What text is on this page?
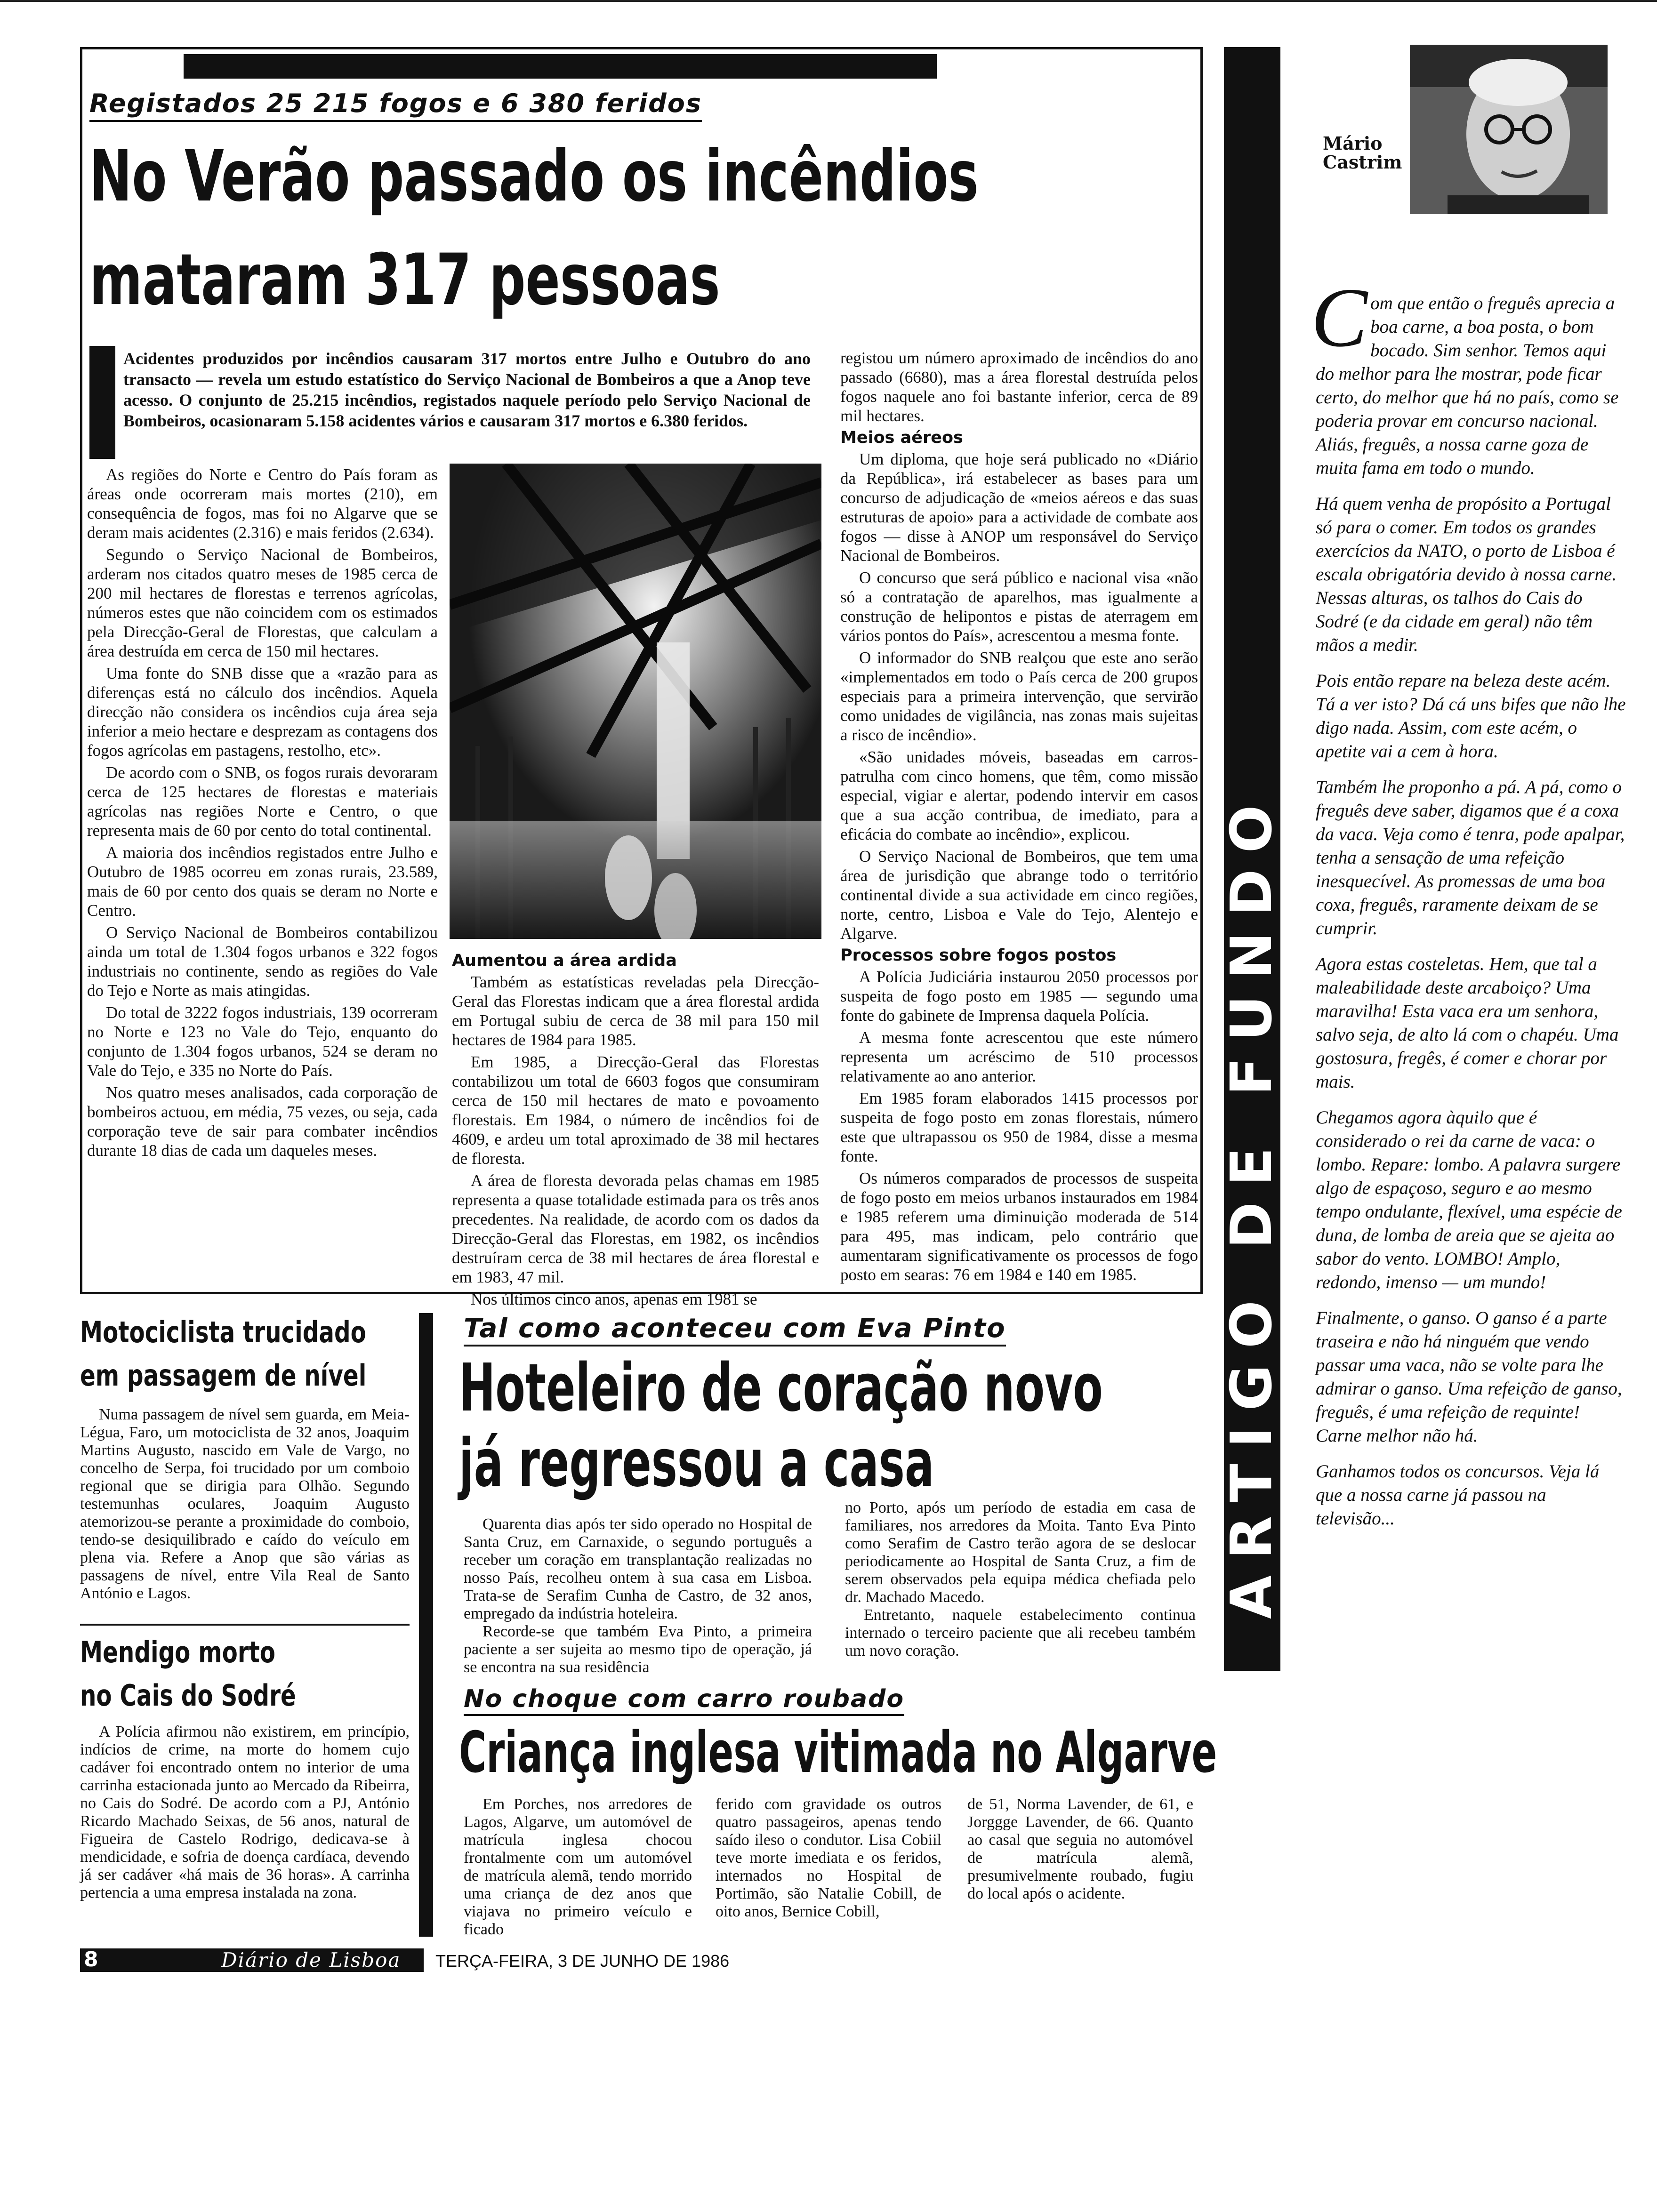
Registados 25 215 fogos e 6 380 feridos
No Verão passado os incêndios
mataram 317 pessoas
Acidentes produzidos por incêndios causaram 317 mortos entre Julho e Outubro do ano transacto — revela um estudo estatístico do Serviço Nacional de Bombeiros a que a Anop teve acesso. O conjunto de 25.215 incêndios, registados naquele período pelo Serviço Nacional de Bombeiros, ocasionaram 5.158 acidentes vários e causaram 317 mortos e 6.380 feridos.

As regiões do Norte e Centro do País foram as áreas onde ocorreram mais mortes (210), em consequência de fogos, mas foi no Algarve que se deram mais acidentes (2.316) e mais feridos (2.634).

Segundo o Serviço Nacional de Bombeiros, arderam nos citados quatro meses de 1985 cerca de 200 mil hectares de florestas e terrenos agrícolas, números estes que não coincidem com os estimados pela Direcção-Geral de Florestas, que calculam a área destruída em cerca de 150 mil hectares.

Uma fonte do SNB disse que a «razão para as diferenças está no cálculo dos incêndios. Aquela direcção não considera os incêndios cuja área seja inferior a meio hectare e desprezam as contagens dos fogos agrícolas em pastagens, restolho, etc».

De acordo com o SNB, os fogos rurais devoraram cerca de 125 hectares de florestas e materiais agrícolas nas regiões Norte e Centro, o que representa mais de 60 por cento do total continental.

A maioria dos incêndios registados entre Julho e Outubro de 1985 ocorreu em zonas rurais, 23.589, mais de 60 por cento dos quais se deram no Norte e Centro.

O Serviço Nacional de Bombeiros contabilizou ainda um total de 1.304 fogos urbanos e 322 fogos industriais no continente, sendo as regiões do Vale do Tejo e Norte as mais atingidas.

Do total de 3222 fogos industriais, 139 ocorreram no Norte e 123 no Vale do Tejo, enquanto do conjunto de 1.304 fogos urbanos, 524 se deram no Vale do Tejo, e 335 no Norte do País.

Nos quatro meses analisados, cada corporação de bombeiros actuou, em média, 75 vezes, ou seja, cada corporação teve de sair para combater incêndios durante 18 dias de cada um daqueles meses.

Aumentou a área ardida

Também as estatísticas reveladas pela Direcção-Geral das Florestas indicam que a área florestal ardida em Portugal subiu de cerca de 38 mil para 150 mil hectares de 1984 para 1985.

Em 1985, a Direcção-Geral das Florestas contabilizou um total de 6603 fogos que consumiram cerca de 150 mil hectares de mato e povoamento florestais. Em 1984, o número de incêndios foi de 4609, e ardeu um total aproximado de 38 mil hectares de floresta.

A área de floresta devorada pelas chamas em 1985 representa a quase totalidade estimada para os três anos precedentes. Na realidade, de acordo com os dados da Direcção-Geral das Florestas, em 1982, os incêndios destruíram cerca de 38 mil hectares de área florestal e em 1983, 47 mil.

Nos últimos cinco anos, apenas em 1981 se

registou um número aproximado de incêndios do ano passado (6680), mas a área florestal destruída pelos fogos naquele ano foi bastante inferior, cerca de 89 mil hectares.

Meios aéreos

Um diploma, que hoje será publicado no «Diário da República», irá estabelecer as bases para um concurso de adjudicação de «meios aéreos e das suas estruturas de apoio» para a actividade de combate aos fogos — disse à ANOP um responsável do Serviço Nacional de Bombeiros.

O concurso que será público e nacional visa «não só a contratação de aparelhos, mas igualmente a construção de helipontos e pistas de aterragem em vários pontos do País», acrescentou a mesma fonte.

O informador do SNB realçou que este ano serão «implementados em todo o País cerca de 200 grupos especiais para a primeira intervenção, que servirão como unidades de vigilância, nas zonas mais sujeitas a risco de incêndio».

«São unidades móveis, baseadas em carros-patrulha com cinco homens, que têm, como missão especial, vigiar e alertar, podendo intervir em casos que a sua acção contribua, de imediato, para a eficácia do combate ao incêndio», explicou.

O Serviço Nacional de Bombeiros, que tem uma área de jurisdição que abrange todo o território continental divide a sua actividade em cinco regiões, norte, centro, Lisboa e Vale do Tejo, Alentejo e Algarve.

Processos sobre fogos postos

A Polícia Judiciária instaurou 2050 processos por suspeita de fogo posto em 1985 — segundo uma fonte do gabinete de Imprensa daquela Polícia.

A mesma fonte acrescentou que este número representa um acréscimo de 510 processos relativamente ao ano anterior.

Em 1985 foram elaborados 1415 processos por suspeita de fogo posto em zonas florestais, número este que ultrapassou os 950 de 1984, disse a mesma fonte.

Os números comparados de processos de suspeita de fogo posto em meios urbanos instaurados em 1984 e 1985 referem uma diminuição moderada de 514 para 495, mas indicam, pelo contrário que aumentaram significativamente os processos de fogo posto em searas: 76 em 1984 e 140 em 1985.	ARTIGO DE FUNDO
Mário
Castrim

Com que então o freguês aprecia a boa carne, a boa posta, o bom bocado. Sim senhor. Temos aqui do melhor para lhe mostrar, pode ficar certo, do melhor que há no país, como se poderia provar em concurso nacional. Aliás, freguês, a nossa carne goza de muita fama em todo o mundo.

Há quem venha de propósito a Portugal só para o comer. Em todos os grandes exercícios da NATO, o porto de Lisboa é escala obrigatória devido à nossa carne. Nessas alturas, os talhos do Cais do Sodré (e da cidade em geral) não têm mãos a medir.

Pois então repare na beleza deste acém. Tá a ver isto? Dá cá uns bifes que não lhe digo nada. Assim, com este acém, o apetite vai a cem à hora.

Também lhe proponho a pá. A pá, como o freguês deve saber, digamos que é a coxa da vaca. Veja como é tenra, pode apalpar, tenha a sensação de uma refeição inesquecível. As promessas de uma boa coxa, freguês, raramente deixam de se cumprir.

Agora estas costeletas. Hem, que tal a maleabilidade deste arcaboiço? Uma maravilha! Esta vaca era um senhora, salvo seja, de alto lá com o chapéu. Uma gostosura, fregês, é comer e chorar por mais.

Chegamos agora àquilo que é considerado o rei da carne de vaca: o lombo. Repare: lombo. A palavra surgere algo de espaçoso, seguro e ao mesmo tempo ondulante, flexível, uma espécie de duna, de lomba de areia que se ajeita ao sabor do vento. LOMBO! Amplo, redondo, imenso — um mundo!

Finalmente, o ganso. O ganso é a parte traseira e não há ninguém que vendo passar uma vaca, não se volte para lhe admirar o ganso. Uma refeição de ganso, freguês, é uma refeição de requinte! Carne melhor não há.

Ganhamos todos os concursos. Veja lá que a nossa carne já passou na televisão...

Motociclista trucidado
em passagem de nível

Numa passagem de nível sem guarda, em Meia-Légua, Faro, um motociclista de 32 anos, Joaquim Martins Augusto, nascido em Vale de Vargo, no concelho de Serpa, foi trucidado por um comboio regional que se dirigia para Olhão. Segundo testemunhas oculares, Joaquim Augusto atemorizou-se perante a proximidade do comboio, tendo-se desiquilibrado e caído do veículo em plena via. Refere a Anop que são várias as passagens de nível, entre Vila Real de Santo António e Lagos.

Mendigo morto
no Cais do Sodré

A Polícia afirmou não existirem, em princípio, indícios de crime, na morte do homem cujo cadáver foi encontrado ontem no interior de uma carrinha estacionada junto ao Mercado da Ribeirra, no Cais do Sodré. De acordo com a PJ, António Ricardo Machado Seixas, de 56 anos, natural de Figueira de Castelo Rodrigo, dedicava-se à mendicidade, e sofria de doença cardíaca, devendo já ser cadáver «há mais de 36 horas». A carrinha pertencia a uma empresa instalada na zona.

Tal como aconteceu com Eva Pinto
Hoteleiro de coração novo
já regressou a casa

Quarenta dias após ter sido operado no Hospital de Santa Cruz, em Carnaxide, o segundo português a receber um coração em transplantação realizadas no nosso País, recolheu ontem à sua casa em Lisboa. Trata-se de Serafim Cunha de Castro, de 32 anos, empregado da indústria hoteleira.

Recorde-se que também Eva Pinto, a primeira paciente a ser sujeita ao mesmo tipo de operação, já se encontra na sua residência

no Porto, após um período de estadia em casa de familiares, nos arredores da Moita. Tanto Eva Pinto como Serafim de Castro terão agora de se deslocar periodicamente ao Hospital de Santa Cruz, a fim de serem observados pela equipa médica chefiada pelo dr. Machado Macedo.

Entretanto, naquele estabelecimento continua internado o terceiro paciente que ali recebeu também um novo coração.

No choque com carro roubado
Criança inglesa vitimada no Algarve

Em Porches, nos arredores de Lagos, Algarve, um automóvel de matrícula inglesa chocou frontalmente com um automóvel de matrícula alemã, tendo morrido uma criança de dez anos que viajava no primeiro veículo e ficado

ferido com gravidade os outros quatro passageiros, apenas tendo saído ileso o condutor. Lisa Cobiil teve morte imediata e os feridos, internados no Hospital de Portimão, são Natalie Cobill, de oito anos, Bernice Cobill,

de 51, Norma Lavender, de 61, e Jorggge Lavender, de 66. Quanto ao casal que seguia no automóvel de matrícula alemã, presumivelmente roubado, fugiu do local após o acidente.

8	Diário de Lisboa TERÇA-FEIRA, 3 DE JUNHO DE 1986
